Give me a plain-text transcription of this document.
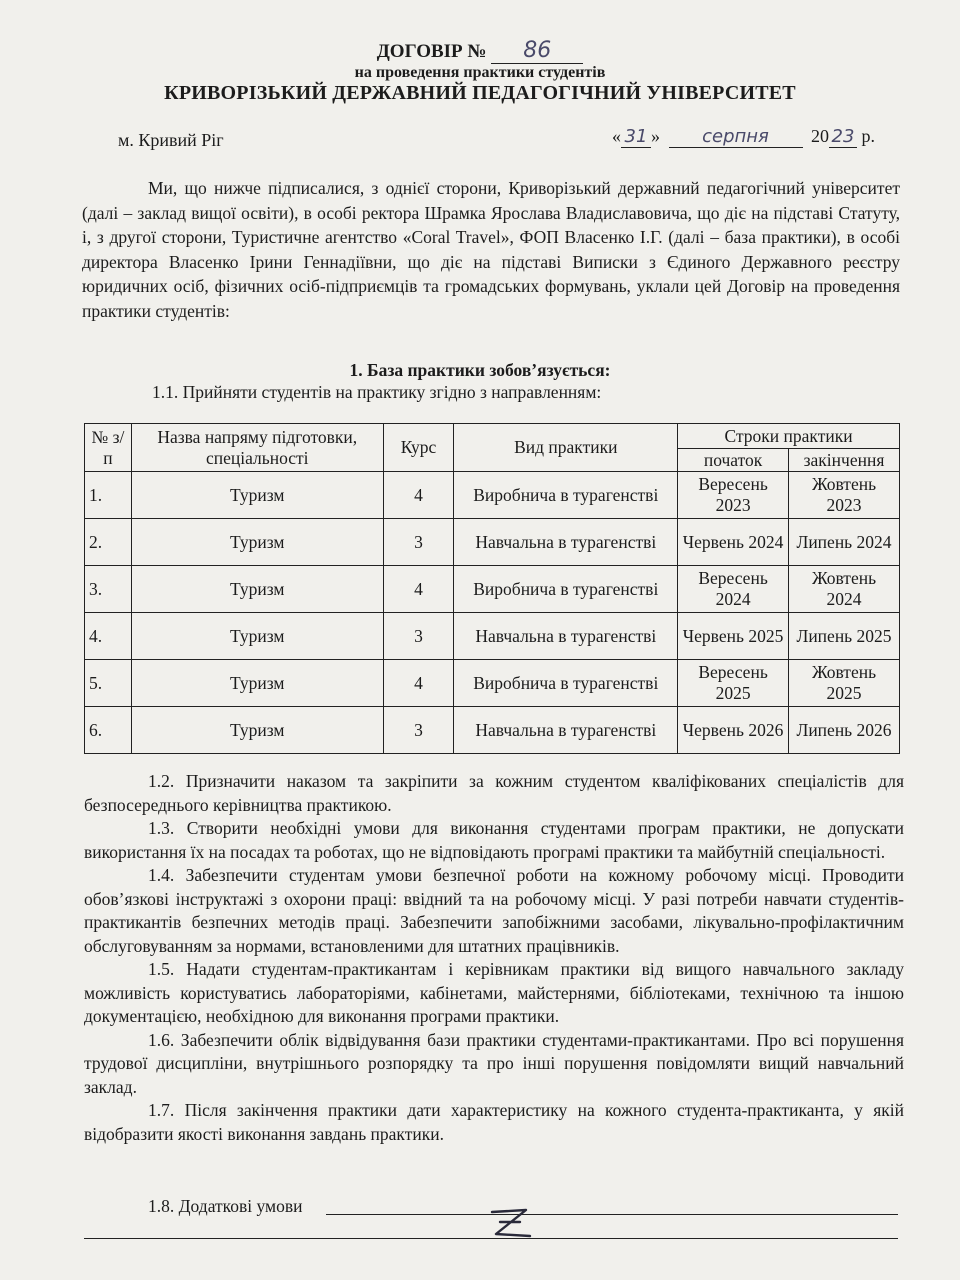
ДОГОВІР № 86
на проведення практики студентів
КРИВОРІЗЬКИЙ ДЕРЖАВНИЙ ПЕДАГОГІЧНИЙ УНІВЕРСИТЕТ
м. Кривий Ріг	« 31 » серпня 20 23 р.

Ми, що нижче підписалися, з однієї сторони, Криворізький державний педагогічний університет (далі – заклад вищої освіти), в особі ректора Шрамка Ярослава Владиславовича, що діє на підставі Статуту, і, з другої сторони, Туристичне агентство «Coral Travel», ФОП Власенко І.Г. (далі – база практики), в особі директора Власенко Ірини Геннадіївни, що діє на підставі Виписки з Єдиного Державного реєстру юридичних осіб, фізичних осіб-підприємців та громадських формувань, уклали цей Договір на проведення практики студентів:

1. База практики зобов’язується:
1.1. Прийняти студентів на практику згідно з направленням:
№ з/п	Назва напряму підготовки, спеціальності	Курс	Вид практики	Строки практики	
				початок	закінчення
1.	Туризм	4	Виробнича в турагенстві	Вересень 2023	Жовтень 2023
2.	Туризм	3	Навчальна в турагенстві	Червень 2024	Липень 2024
3.	Туризм	4	Виробнича в турагенстві	Вересень 2024	Жовтень 2024
4.	Туризм	3	Навчальна в турагенстві	Червень 2025	Липень 2025
5.	Туризм	4	Виробнича в турагенстві	Вересень 2025	Жовтень 2025
6.	Туризм	3	Навчальна в турагенстві	Червень 2026	Липень 2026

1.2. Призначити наказом та закріпити за кожним студентом кваліфікованих спеціалістів для безпосереднього керівництва практикою.

1.3. Створити необхідні умови для виконання студентами програм практики, не допускати використання їх на посадах та роботах, що не відповідають програмі практики та майбутній спеціальності.

1.4. Забезпечити студентам умови безпечної роботи на кожному робочому місці. Проводити обов’язкові інструктажі з охорони праці: ввідний та на робочому місці. У разі потреби навчати студентів-практикантів безпечних методів праці. Забезпечити запобіжними засобами, лікувально-профілактичним обслуговуванням за нормами, встановленими для штатних працівників.

1.5. Надати студентам-практикантам і керівникам практики від вищого навчального закладу можливість користуватись лабораторіями, кабінетами, майстернями, бібліотеками, технічною та іншою документацією, необхідною для виконання програми практики.

1.6. Забезпечити облік відвідування бази практики студентами-практикантами. Про всі порушення трудової дисципліни, внутрішнього розпорядку та про інші порушення повідомляти вищий навчальний заклад.

1.7. Після закінчення практики дати характеристику на кожного студента-практиканта, у якій відобразити якості виконання завдань практики.

1.8. Додаткові умови
